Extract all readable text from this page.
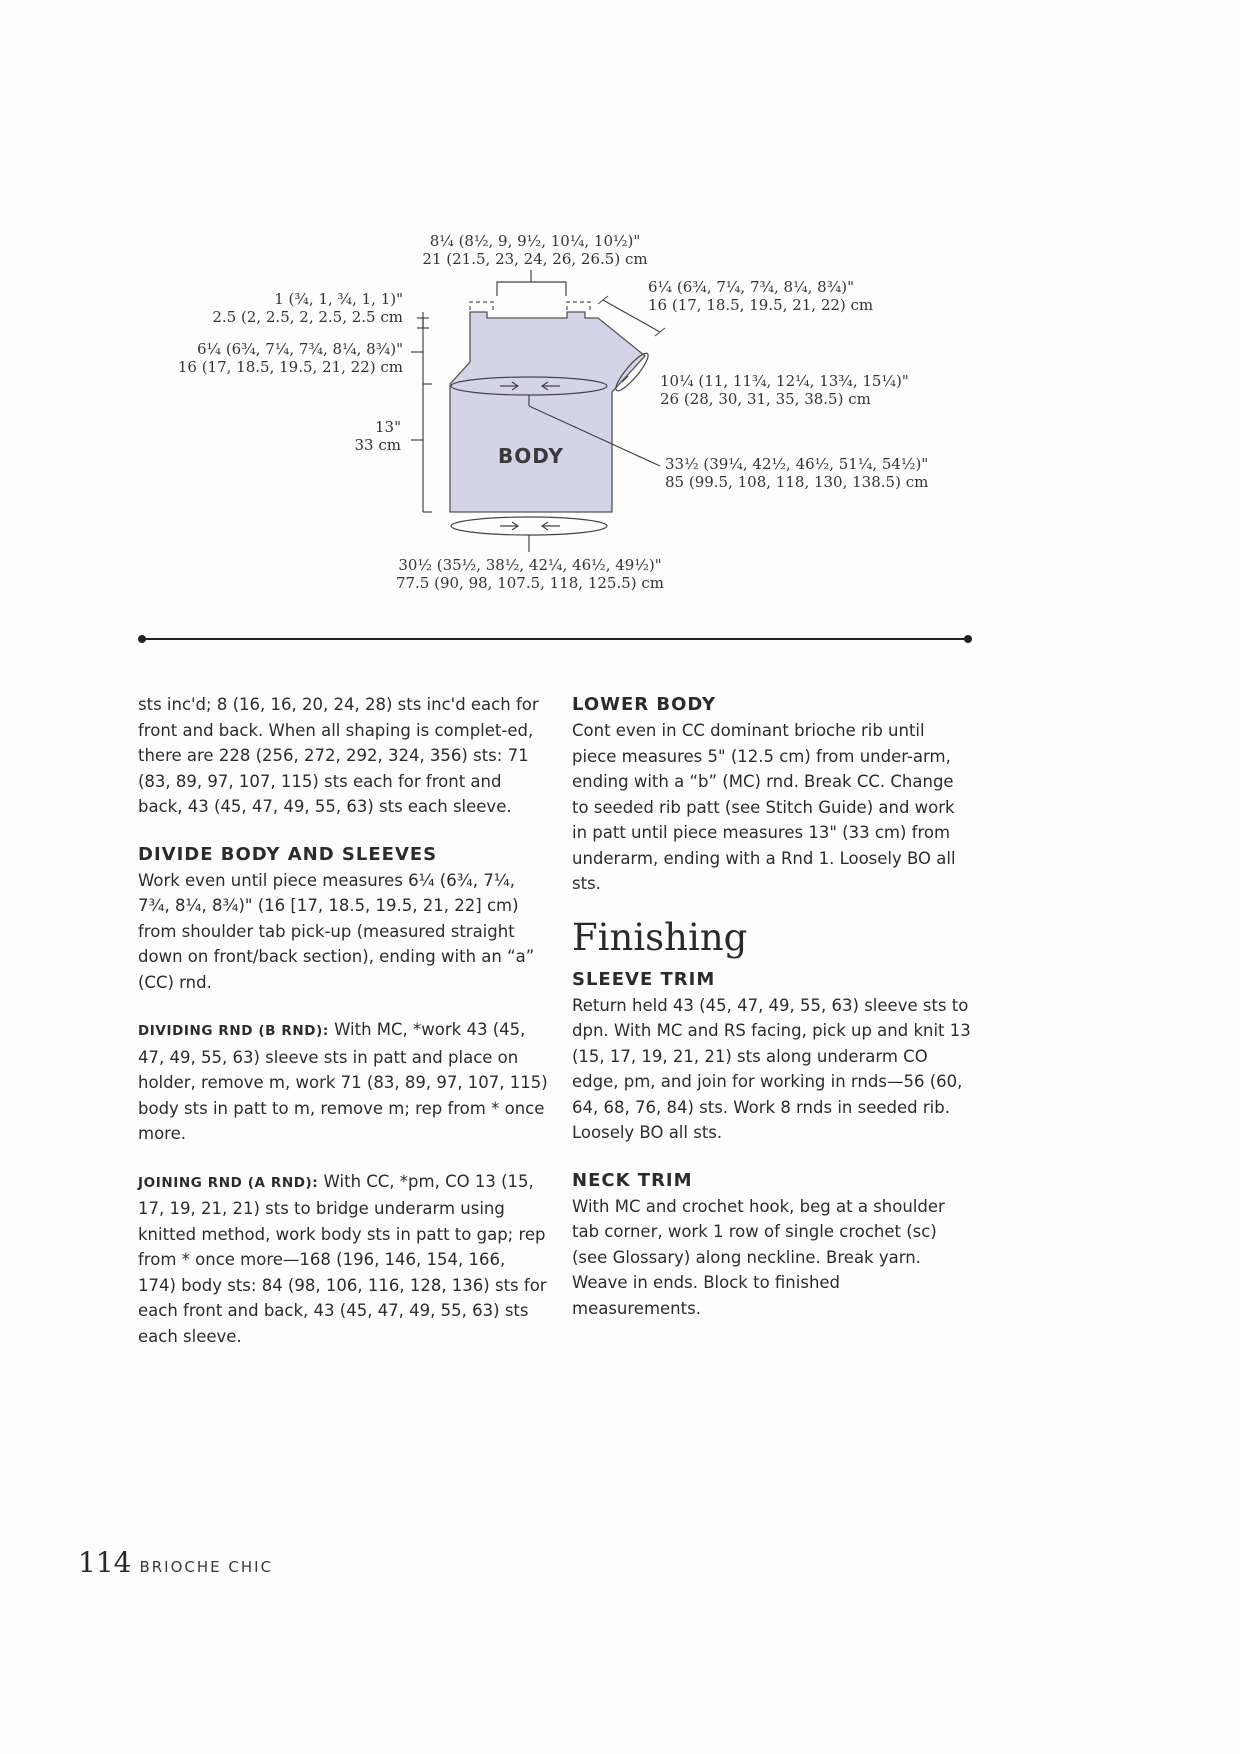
BODY
8¼ (8½, 9, 9½, 10¼, 10½)"
21 (21.5, 23, 24, 26, 26.5) cm
6¼ (6¾, 7¼, 7¾, 8¼, 8¾)"
16 (17, 18.5, 19.5, 21, 22) cm
1 (¾, 1, ¾, 1, 1)"
2.5 (2, 2.5, 2, 2.5, 2.5 cm
6¼ (6¾, 7¼, 7¾, 8¼, 8¾)"
16 (17, 18.5, 19.5, 21, 22) cm
10¼ (11, 11¾, 12¼, 13¾, 15¼)"
26 (28, 30, 31, 35, 38.5) cm
13"
33 cm
33½ (39¼, 42½, 46½, 51¼, 54½)"
85 (99.5, 108, 118, 130, 138.5) cm
30½ (35½, 38½, 42¼, 46½, 49½)"
77.5 (90, 98, 107.5, 118, 125.5) cm

sts inc'd; 8 (16, 16, 20, 24, 28) sts inc'd each for front and back. When all shaping is complet-ed, there are 228 (256, 272, 292, 324, 356) sts: 71 (83, 89, 97, 107, 115) sts each for front and back, 43 (45, 47, 49, 55, 63) sts each sleeve.

DIVIDE BODY AND SLEEVES

Work even until piece measures 6¼ (6¾, 7¼, 7¾, 8¼, 8¾)" (16 [17, 18.5, 19.5, 21, 22] cm) from shoulder tab pick-up (measured straight down on front/back section), ending with an “a” (CC) rnd.

DIVIDING RND (B RND): With MC, *work 43 (45, 47, 49, 55, 63) sleeve sts in patt and place on holder, remove m, work 71 (83, 89, 97, 107, 115) body sts in patt to m, remove m; rep from * once more.

JOINING RND (A RND): With CC, *pm, CO 13 (15, 17, 19, 21, 21) sts to bridge underarm using knitted method, work body sts in patt to gap; rep from * once more—168 (196, 146, 154, 166, 174) body sts: 84 (98, 106, 116, 128, 136) sts for each front and back, 43 (45, 47, 49, 55, 63) sts each sleeve.

LOWER BODY

Cont even in CC dominant brioche rib until piece measures 5" (12.5 cm) from under-arm, ending with a “b” (MC) rnd. Break CC. Change to seeded rib patt (see Stitch Guide) and work in patt until piece measures 13" (33 cm) from underarm, ending with a Rnd 1. Loosely BO all sts.

Finishing
SLEEVE TRIM

Return held 43 (45, 47, 49, 55, 63) sleeve sts to dpn. With MC and RS facing, pick up and knit 13 (15, 17, 19, 21, 21) sts along underarm CO edge, pm, and join for working in rnds—56 (60, 64, 68, 76, 84) sts. Work 8 rnds in seeded rib. Loosely BO all sts.

NECK TRIM

With MC and crochet hook, beg at a shoulder tab corner, work 1 row of single crochet (sc) (see Glossary) along neckline. Break yarn. Weave in ends. Block to finished measurements.

114 BRIOCHE CHIC
